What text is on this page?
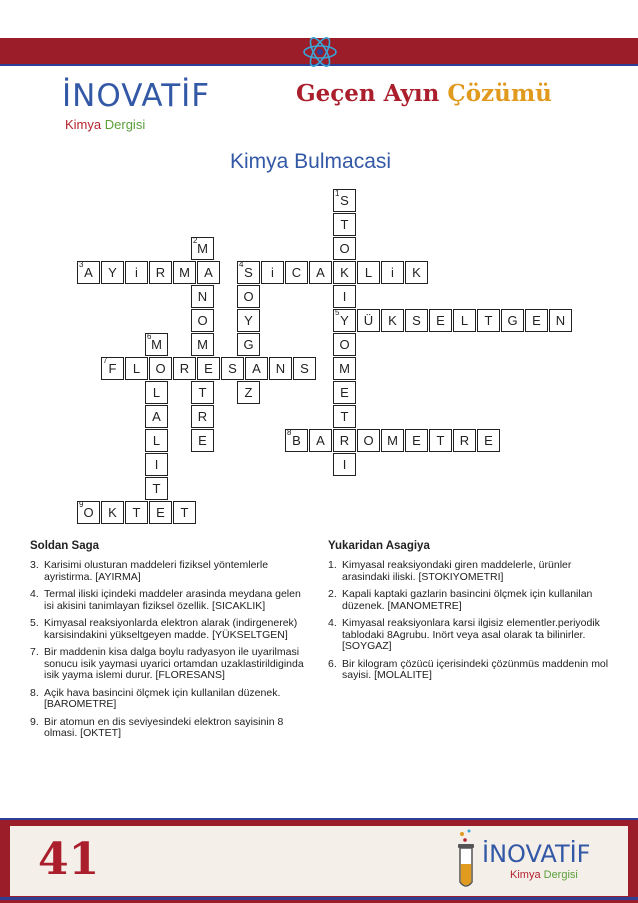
İNOVATİF
Kimya Dergisi
Geçen Ayın Çözümü
Kimya Bulmacasi
S
T
M	O
A	Y	i	R	M	A	S	i	C	A	K	L	i	K
N	O	I
O	Y	Y	Ü	K	S	E	L	T	G	E	N
M	M	G	O
F	L	O	R	E	S	A	N	S	M
L	T	Z	E
A	R	T
L	E	B	A	R	O	M	E	T	R	E
I	I
T
O	K	T	E	T
1
2
3	4
5
6
7
8
9
Soldan Saga
3. Karisimi olusturan maddeleri fiziksel yöntemlerle ayristirma. [AYIRMA]
4. Termal iliski içindeki maddeler arasinda meydana gelen isi akisini tanimlayan fiziksel özellik. [SICAKLIK]
5. Kimyasal reaksiyonlarda elektron alarak (indirgenerek) karsisindakini yükseltgeyen madde. [YÜKSELTGEN]
7. Bir maddenin kisa dalga boylu radyasyon ile uyarilmasi sonucu isik yaymasi uyarici ortamdan uzaklastirildiginda isik yayma islemi durur. [FLORESANS]
8. Açik hava basincini ölçmek için kullanilan düzenek. [BAROMETRE]
9. Bir atomun en dis seviyesindeki elektron sayisinin 8 olmasi. [OKTET]
Yukaridan Asagiya
1. Kimyasal reaksiyondaki giren maddelerle, ürünler arasindaki iliski. [STOKIYOMETRI]
2. Kapali kaptaki gazlarin basincini ölçmek için kullanilan düzenek. [MANOMETRE]
4. Kimyasal reaksiyonlara karsi ilgisiz elementler.periyodik tablodaki 8Agrubu. Inört veya asal olarak ta bilinirler. [SOYGAZ]
6. Bir kilogram çözücü içerisindeki çözünmüs maddenin mol sayisi. [MOLALITE]
41	İNOVATİF
Kimya Dergisi
